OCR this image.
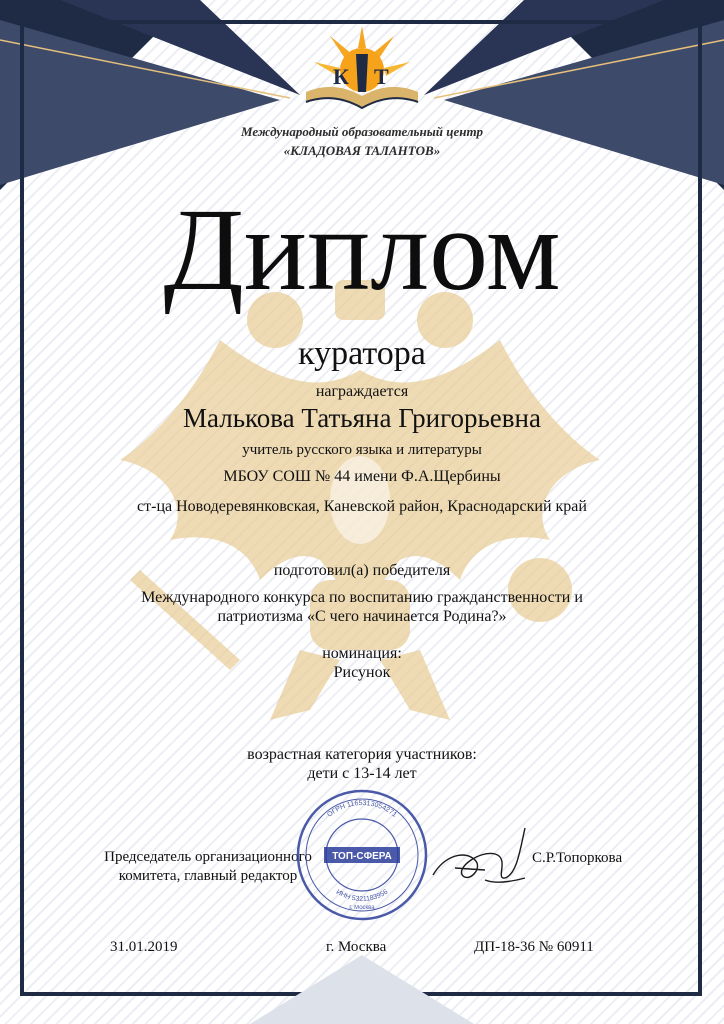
К Т
Международный образовательный центр
«КЛАДОВАЯ ТАЛАНТОВ»
Диплом
куратора
награждается
Малькова Татьяна Григорьевна
учитель русского языка и литературы
МБОУ СОШ № 44 имени Ф.А.Щербины
ст-ца Новодеревянковская, Каневской район, Краснодарский край
подготовил(а) победителя
Международного конкурса по воспитанию гражданственности и
патриотизма «С чего начинается Родина?»
номинация:
Рисунок
возрастная категория участников:
дети с 13-14 лет
Председатель организационного
комитета, главный редактор
ОГРН 1165313054271
ИНН 5321183956
ТОП-СФЕРА
г. Москва
С.Р.Топоркова
31.01.2019	г. Москва	ДП-18-36 № 60911
